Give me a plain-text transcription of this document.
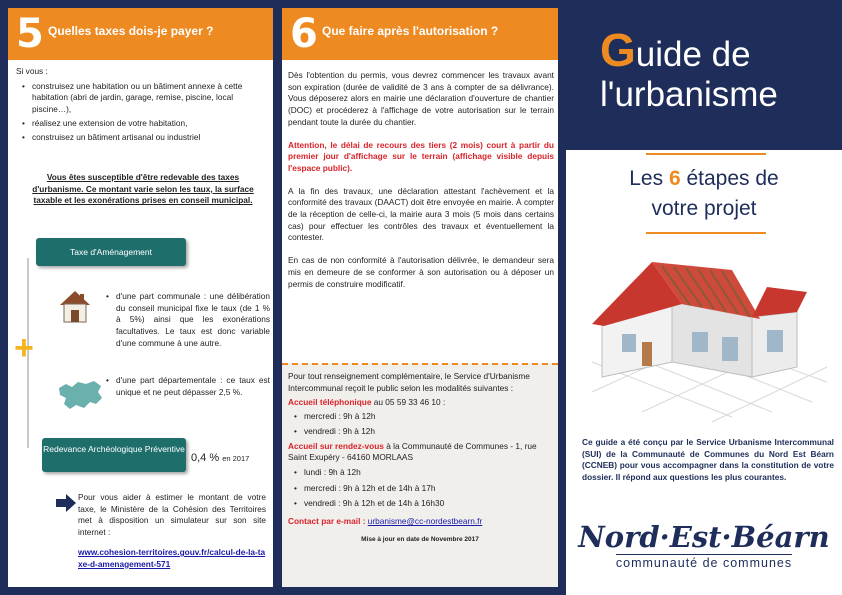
5 Quelles taxes dois-je payer ?
Si vous :
• construisez une habitation ou un bâtiment annexe à cette habitation (abri de jardin, garage, remise, piscine, local piscine…),
• réalisez une extension de votre habitation,
• construisez un bâtiment artisanal ou industriel
Vous êtes susceptible d'être redevable des taxes d'urbanisme. Ce montant varie selon les taux, la surface taxable et les exonérations prises en conseil municipal.
+
Taxe d'Aménagement
• d'une part communale : une délibération du conseil municipal fixe le taux (de 1 % à 5%) ainsi que les exonérations facultatives. Le taux est donc variable d'une commune à une autre.
• d'une part départementale : ce taux est unique et ne peut dépasser 2,5 %.
Redevance Archéologique Préventive
0,4 % en 2017
Pour vous aider à estimer le montant de votre taxe, le Ministère de la Cohésion des Territoires met à disposition un simulateur sur son site internet :
www.cohesion-territoires.gouv.fr/calcul-de-la-taxe-d-amenagement-571
6 Que faire après l'autorisation ?

Dès l'obtention du permis, vous devrez commencer les travaux avant son expiration (durée de validité de 3 ans à compter de sa délivrance). Vous déposerez alors en mairie une déclaration d'ouverture de chantier (DOC) et procéderez à l'affichage de votre autorisation sur le terrain pendant toute la durée du chantier.

Attention, le délai de recours des tiers (2 mois) court à partir du premier jour d'affichage sur le terrain (affichage visible depuis l'espace public).

A la fin des travaux, une déclaration attestant l'achèvement et la conformité des travaux (DAACT) doit être envoyée en mairie. À compter de la réception de celle-ci, la mairie aura 3 mois (5 mois dans certains cas) pour effectuer les contrôles des travaux et éventuellement la contester.

En cas de non conformité à l'autorisation délivrée, le demandeur sera mis en demeure de se conformer à son autorisation ou à déposer un permis de construire modificatif.

Pour tout renseignement complémentaire, le Service d'Urbanisme Intercommunal reçoit le public selon les modalités suivantes :

Accueil téléphonique au 05 59 33 46 10 :

• mercredi : 9h à 12h

• vendredi : 9h à 12h

Accueil sur rendez-vous à la Communauté de Communes - 1, rue Saint Exupéry - 64160 MORLAAS

• lundi : 9h à 12h

• mercredi : 9h à 12h et de 14h à 17h

• vendredi : 9h à 12h et de 14h à 16h30

Contact par e-mail : urbanisme@cc-nordestbearn.fr

Mise à jour en date de Novembre 2017

Guide de
l'urbanisme
Les 6 étapes de
votre projet
Ce guide a été conçu par le Service Urbanisme Intercommunal (SUI) de la Communauté de Communes du Nord Est Béarn (CCNEB) pour vous accompagner dans la constitution de votre dossier. Il répond aux questions les plus courantes.
Nord·Est·Béarn
communauté de communes
